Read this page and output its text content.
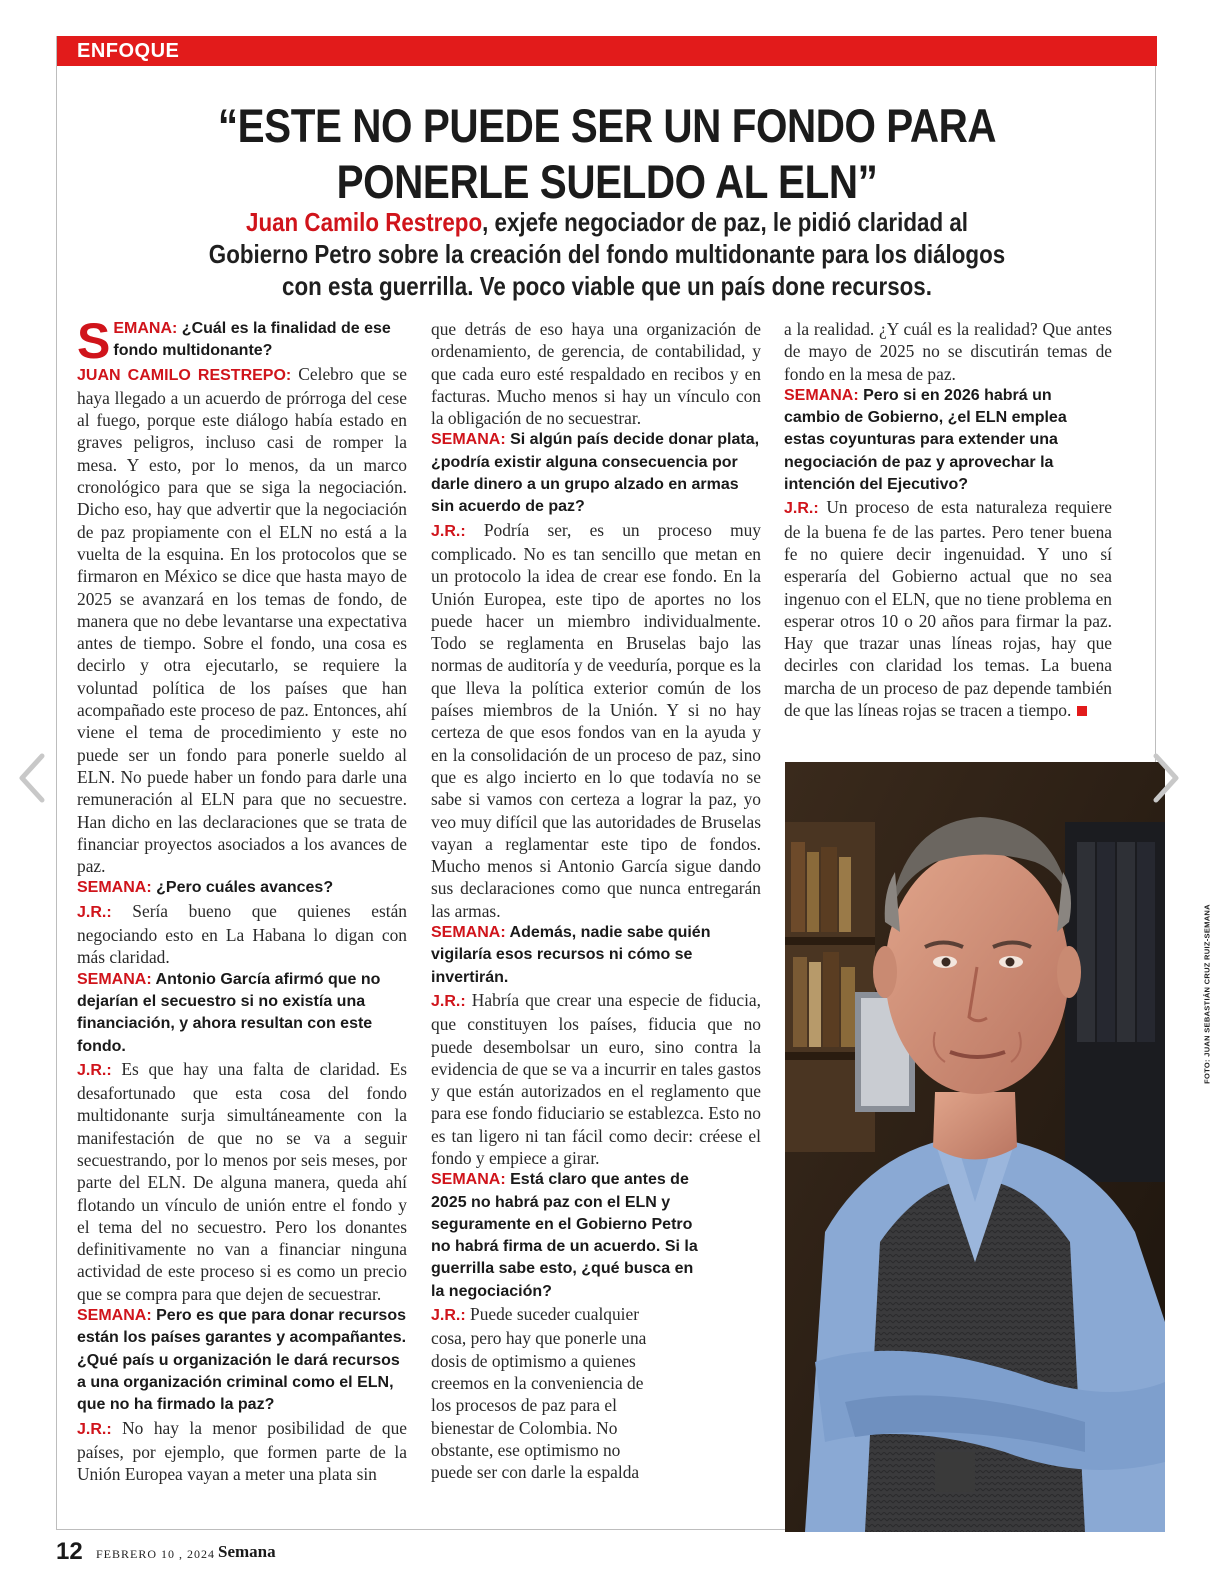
ENFOQUE
“ESTE NO PUEDE SER UN FONDO PARA
PONERLE SUELDO AL ELN”
Juan Camilo Restrepo, exjefe negociador de paz, le pidió claridad al
Gobierno Petro sobre la creación del fondo multidonante para los diálogos
con esta guerrilla. Ve poco viable que un país done recursos.

SEMANA: ¿Cuál es la finalidad de ese fondo multidonante?

JUAN CAMILO RESTREPO: Celebro que se haya llegado a un acuerdo de prórroga del cese al fuego, porque este diálogo había estado en graves peligros, incluso casi de romper la mesa. Y esto, por lo menos, da un marco cronológico para que se siga la negociación. Dicho eso, hay que advertir que la negociación de paz propiamente con el ELN no está a la vuelta de la esquina. En los protocolos que se firmaron en México se dice que hasta mayo de 2025 se avanzará en los temas de fondo, de manera que no debe levantarse una expectativa antes de tiempo. Sobre el fondo, una cosa es decirlo y otra ejecutarlo, se requiere la voluntad política de los países que han acompañado este proceso de paz. Entonces, ahí viene el tema de procedimiento y este no puede ser un fondo para ponerle sueldo al ELN. No puede haber un fondo para darle una remuneración al ELN para que no secuestre. Han dicho en las declaraciones que se trata de financiar proyectos asociados a los avances de paz.

SEMANA: ¿Pero cuáles avances?

J.R.: Sería bueno que quienes están negociando esto en La Habana lo digan con más claridad.

SEMANA: Antonio García afirmó que no dejarían el secuestro si no existía una financiación, y ahora resultan con este fondo.

J.R.: Es que hay una falta de claridad. Es desafortunado que esta cosa del fondo multidonante surja simultáneamente con la manifestación de que no se va a seguir secuestrando, por lo menos por seis meses, por parte del ELN. De alguna manera, queda ahí flotando un vínculo de unión entre el fondo y el tema del no secuestro. Pero los donantes definitivamente no van a financiar ninguna actividad de este proceso si es como un precio que se compra para que dejen de secuestrar.

SEMANA: Pero es que para donar recursos están los países garantes y acompañantes. ¿Qué país u organización le dará recursos a una organización criminal como el ELN, que no ha firmado la paz?

J.R.: No hay la menor posibilidad de que países, por ejemplo, que formen parte de la Unión Europea vayan a meter una plata sin

que detrás de eso haya una organización de ordenamiento, de gerencia, de contabilidad, y que cada euro esté respaldado en recibos y en facturas. Mucho menos si hay un vínculo con la obligación de no secuestrar.

SEMANA: Si algún país decide donar plata, ¿podría existir alguna consecuencia por darle dinero a un grupo alzado en armas sin acuerdo de paz?

J.R.: Podría ser, es un proceso muy complicado. No es tan sencillo que metan en un protocolo la idea de crear ese fondo. En la Unión Europea, este tipo de aportes no los puede hacer un miembro individualmente. Todo se reglamenta en Bruselas bajo las normas de auditoría y de veeduría, porque es la que lleva la política exterior común de los países miembros de la Unión. Y si no hay certeza de que esos fondos van en la ayuda y en la consolidación de un proceso de paz, sino que es algo incierto en lo que todavía no se sabe si vamos con certeza a lograr la paz, yo veo muy difícil que las autoridades de Bruselas vayan a reglamentar este tipo de fondos. Mucho menos si Antonio García sigue dando sus declaraciones como que nunca entregarán las armas.

SEMANA: Además, nadie sabe quién vigilaría esos recursos ni cómo se invertirán.

J.R.: Habría que crear una especie de fiducia, que constituyen los países, fiducia que no puede desembolsar un euro, sino contra la evidencia de que se va a incurrir en tales gastos y que están autorizados en el reglamento que para ese fondo fiduciario se establezca. Esto no es tan ligero ni tan fácil como decir: créese el fondo y empiece a girar.

SEMANA: Está claro que antes de 2025 no habrá paz con el ELN y seguramente en el Gobierno Petro no habrá firma de un acuerdo. Si la guerrilla sabe esto, ¿qué busca en la negociación?

J.R.: Puede suceder cualquier cosa, pero hay que ponerle una dosis de optimismo a quienes creemos en la conveniencia de los procesos de paz para el bienestar de Colombia. No obstante, ese optimismo no puede ser con darle la espalda

a la realidad. ¿Y cuál es la realidad? Que antes de mayo de 2025 no se discutirán temas de fondo en la mesa de paz.

SEMANA: Pero si en 2026 habrá un cambio de Gobierno, ¿el ELN emplea estas coyunturas para extender una negociación de paz y aprovechar la intención del Ejecutivo?

J.R.: Un proceso de esta naturaleza requiere de la buena fe de las partes. Pero tener buena fe no quiere decir ingenuidad. Y uno sí esperaría del Gobierno actual que no sea ingenuo con el ELN, que no tiene problema en esperar otros 10 o 20 años para firmar la paz. Hay que trazar unas líneas rojas, hay que decirles con claridad los temas. La buena marcha de un proceso de paz depende también de que las líneas rojas se tracen a tiempo.

FOTO: JUAN SEBASTIÁN CRUZ RUIZ-SEMANA
12 FEBRERO 10 , 2024 Semana
